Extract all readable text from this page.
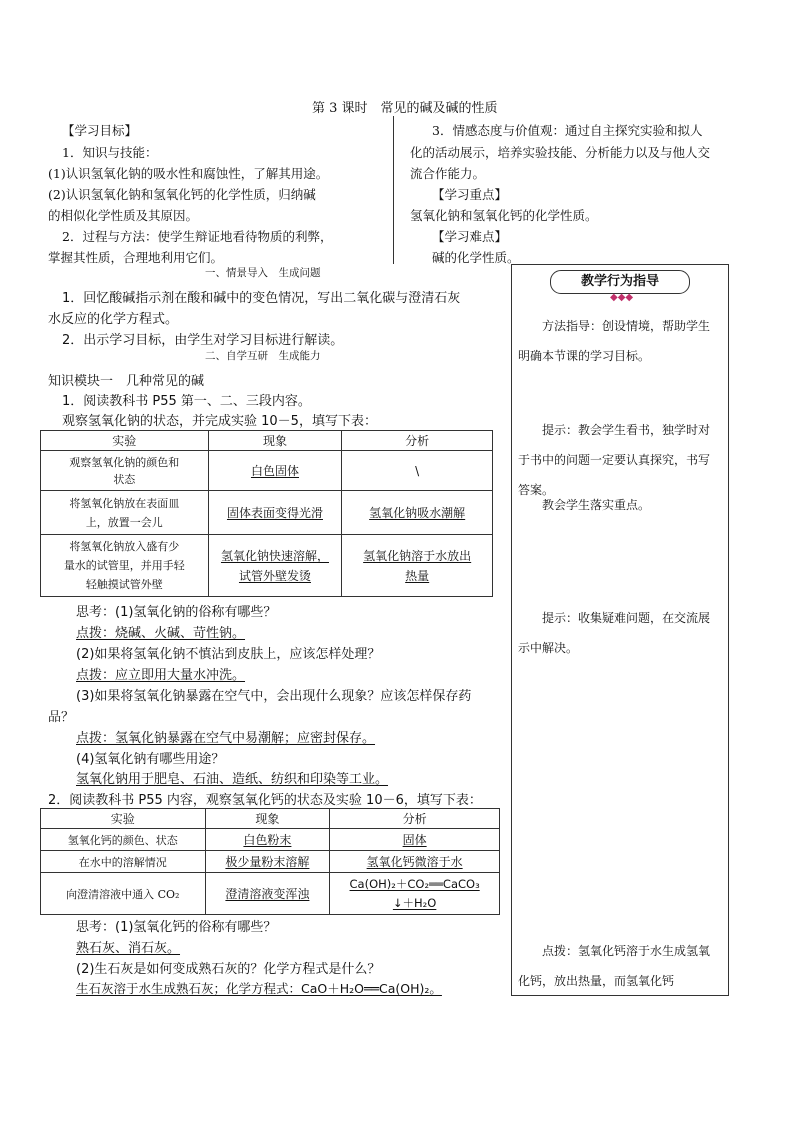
第 3 课时　常见的碱及碱的性质
【学习目标】
1．知识与技能：
(1)认识氢氧化钠的吸水性和腐蚀性，了解其用途。
(2)认识氢氧化钠和氢氧化钙的化学性质，归纳碱
的相似化学性质及其原因。
2．过程与方法：使学生辩证地看待物质的利弊，
掌握其性质，合理地利用它们。
3．情感态度与价值观：通过自主探究实验和拟人
化的活动展示，培养实验技能、分析能力以及与他人交
流合作能力。
【学习重点】
氢氧化钠和氢氧化钙的化学性质。
【学习难点】
碱的化学性质。
一、情景导入　生成问题
1．回忆酸碱指示剂在酸和碱中的变色情况，写出二氧化碳与澄清石灰
水反应的化学方程式。
2．出示学习目标，由学生对学习目标进行解读。
二、自学互研　生成能力
知识模块一　几种常见的碱
1．阅读教科书 P55 第一、二、三段内容。
观察氢氧化钠的状态，并完成实验 10－5，填写下表：
实验	现象	分析
观察氢氧化钠的颜色和
状态	白色固体	\
将氢氧化钠放在表面皿
上，放置一会儿	固体表面变得光滑	氢氧化钠吸水潮解
将氢氧化钠放入盛有少
量水的试管里，并用手轻
轻触摸试管外壁	氢氧化钠快速溶解，
试管外壁发烫	氢氧化钠溶于水放出
热量
思考：(1)氢氧化钠的俗称有哪些？
点拨：烧碱、火碱、苛性钠。
(2)如果将氢氧化钠不慎沾到皮肤上，应该怎样处理？
点拨：应立即用大量水冲洗。
(3)如果将氢氧化钠暴露在空气中，会出现什么现象？应该怎样保存药
品？
点拨：氢氧化钠暴露在空气中易潮解；应密封保存。
(4)氢氧化钠有哪些用途？
氢氧化钠用于肥皂、石油、造纸、纺织和印染等工业。
2．阅读教科书 P55 内容，观察氢氧化钙的状态及实验 10－6，填写下表：
实验	现象	分析
氢氧化钙的颜色、状态	白色粉末	固体
在水中的溶解情况	极少量粉末溶解	氢氧化钙微溶于水
向澄清溶液中通入 CO₂	澄清溶液变浑浊	Ca(OH)₂＋CO₂══CaCO₃
↓＋H₂O
思考：(1)氢氧化钙的俗称有哪些？
熟石灰、消石灰。
(2)生石灰是如何变成熟石灰的？化学方程式是什么？
生石灰溶于水生成熟石灰；化学方程式：CaO＋H₂O══Ca(OH)₂。
教学行为指导
◆◆◆
方法指导：创设情境，帮助学生明确本节课的学习目标。
提示：教会学生看书，独学时对于书中的问题一定要认真探究，书写答案。
教会学生落实重点。
提示：收集疑难问题，在交流展示中解决。
点拨：氢氧化钙溶于水生成氢氧化钙，放出热量，而氢氧化钙
